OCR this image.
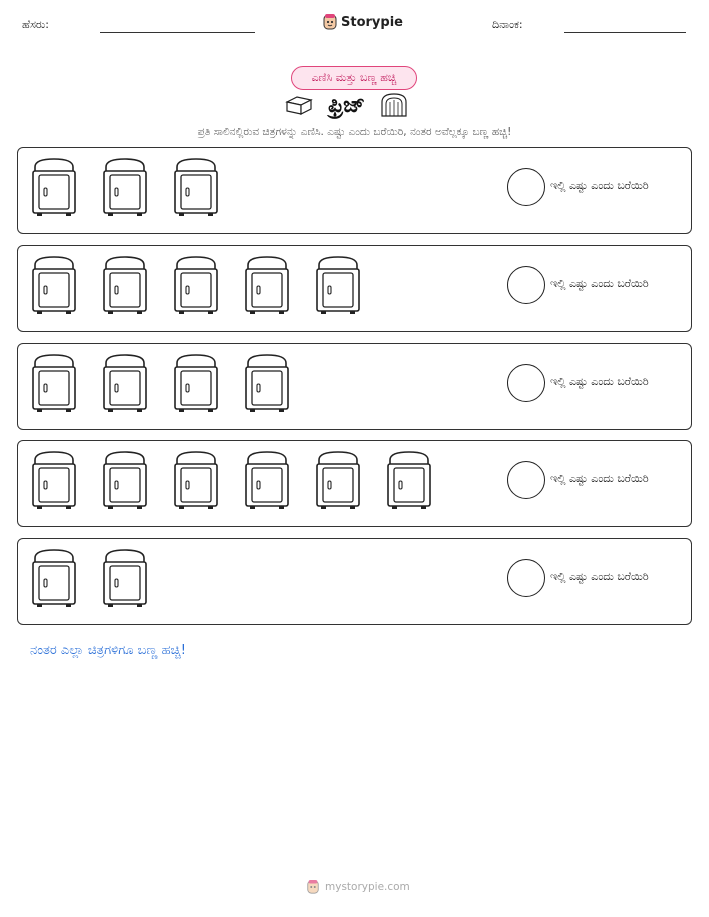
ಹೆಸರು:	Storypie	ದಿನಾಂಕ:
ಎಣಿಸಿ ಮತ್ತು ಬಣ್ಣ ಹಚ್ಚಿ
ಫ್ರಿಜ್
ಪ್ರತಿ ಸಾಲಿನಲ್ಲಿರುವ ಚಿತ್ರಗಳನ್ನು ಎಣಿಸಿ. ಎಷ್ಟು ಎಂದು ಬರೆಯಿರಿ, ನಂತರ ಅವೆಲ್ಲಕ್ಕೂ ಬಣ್ಣ ಹಚ್ಚಿ!
ಇಲ್ಲಿ ಎಷ್ಟು ಎಂದು ಬರೆಯಿರಿ
ಇಲ್ಲಿ ಎಷ್ಟು ಎಂದು ಬರೆಯಿರಿ
ಇಲ್ಲಿ ಎಷ್ಟು ಎಂದು ಬರೆಯಿರಿ
ಇಲ್ಲಿ ಎಷ್ಟು ಎಂದು ಬರೆಯಿರಿ
ಇಲ್ಲಿ ಎಷ್ಟು ಎಂದು ಬರೆಯಿರಿ
ನಂತರ ಎಲ್ಲಾ ಚಿತ್ರಗಳಿಗೂ ಬಣ್ಣ ಹಚ್ಚಿ!
mystorypie.com
